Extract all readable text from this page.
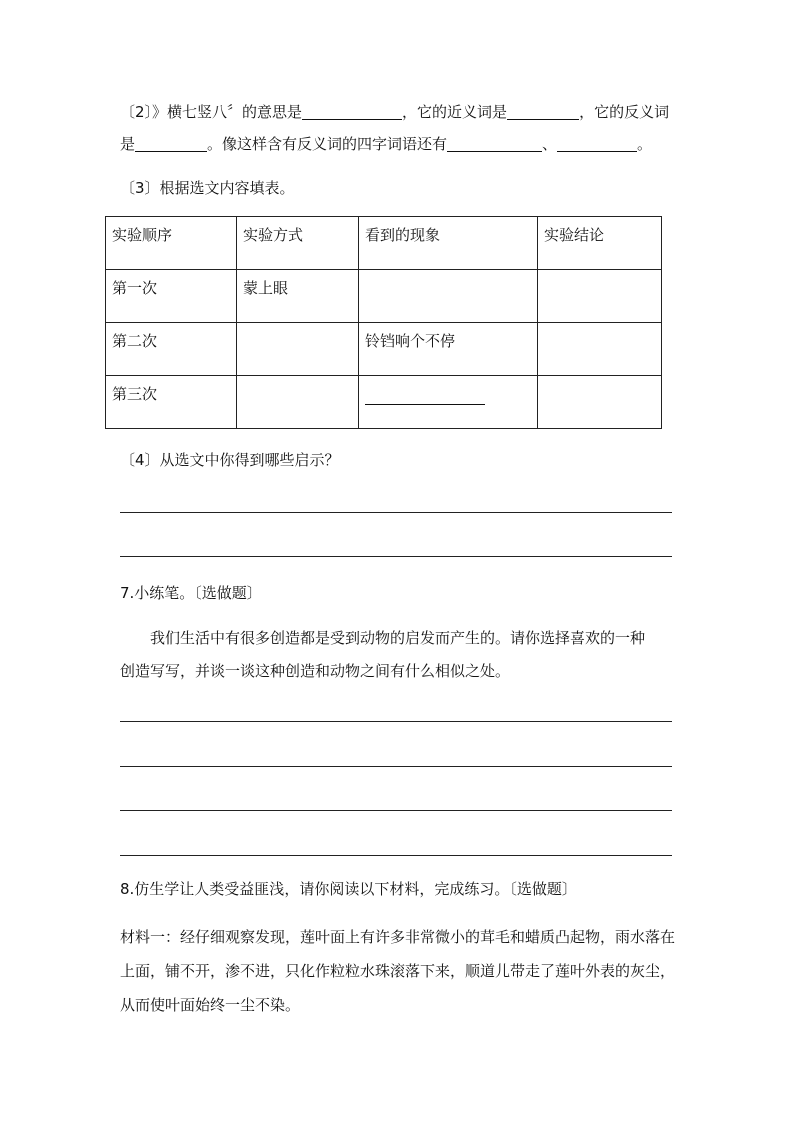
〔2〕》横七竖八〞的意思是	，它的近义词是	，它的反义词
是	。像这样含有反义词的四字词语还有	、	。
〔3〕根据选文内容填表。
实验顺序	实验方式	看到的现象	实验结论
第一次	蒙上眼		
第二次		铃铛响个不停	
第三次			
〔4〕从选文中你得到哪些启示？
7.小练笔。〔选做题〕
我们生活中有很多创造都是受到动物的启发而产生的。请你选择喜欢的一种
创造写写，并谈一谈这种创造和动物之间有什么相似之处。
8.仿生学让人类受益匪浅，请你阅读以下材料，完成练习。〔选做题〕
材料一：经仔细观察发现，莲叶面上有许多非常微小的茸毛和蜡质凸起物，雨水落在上面，铺不开，渗不进，只化作粒粒水珠滚落下来，顺道儿带走了莲叶外表的灰尘，从而使叶面始终一尘不染。
